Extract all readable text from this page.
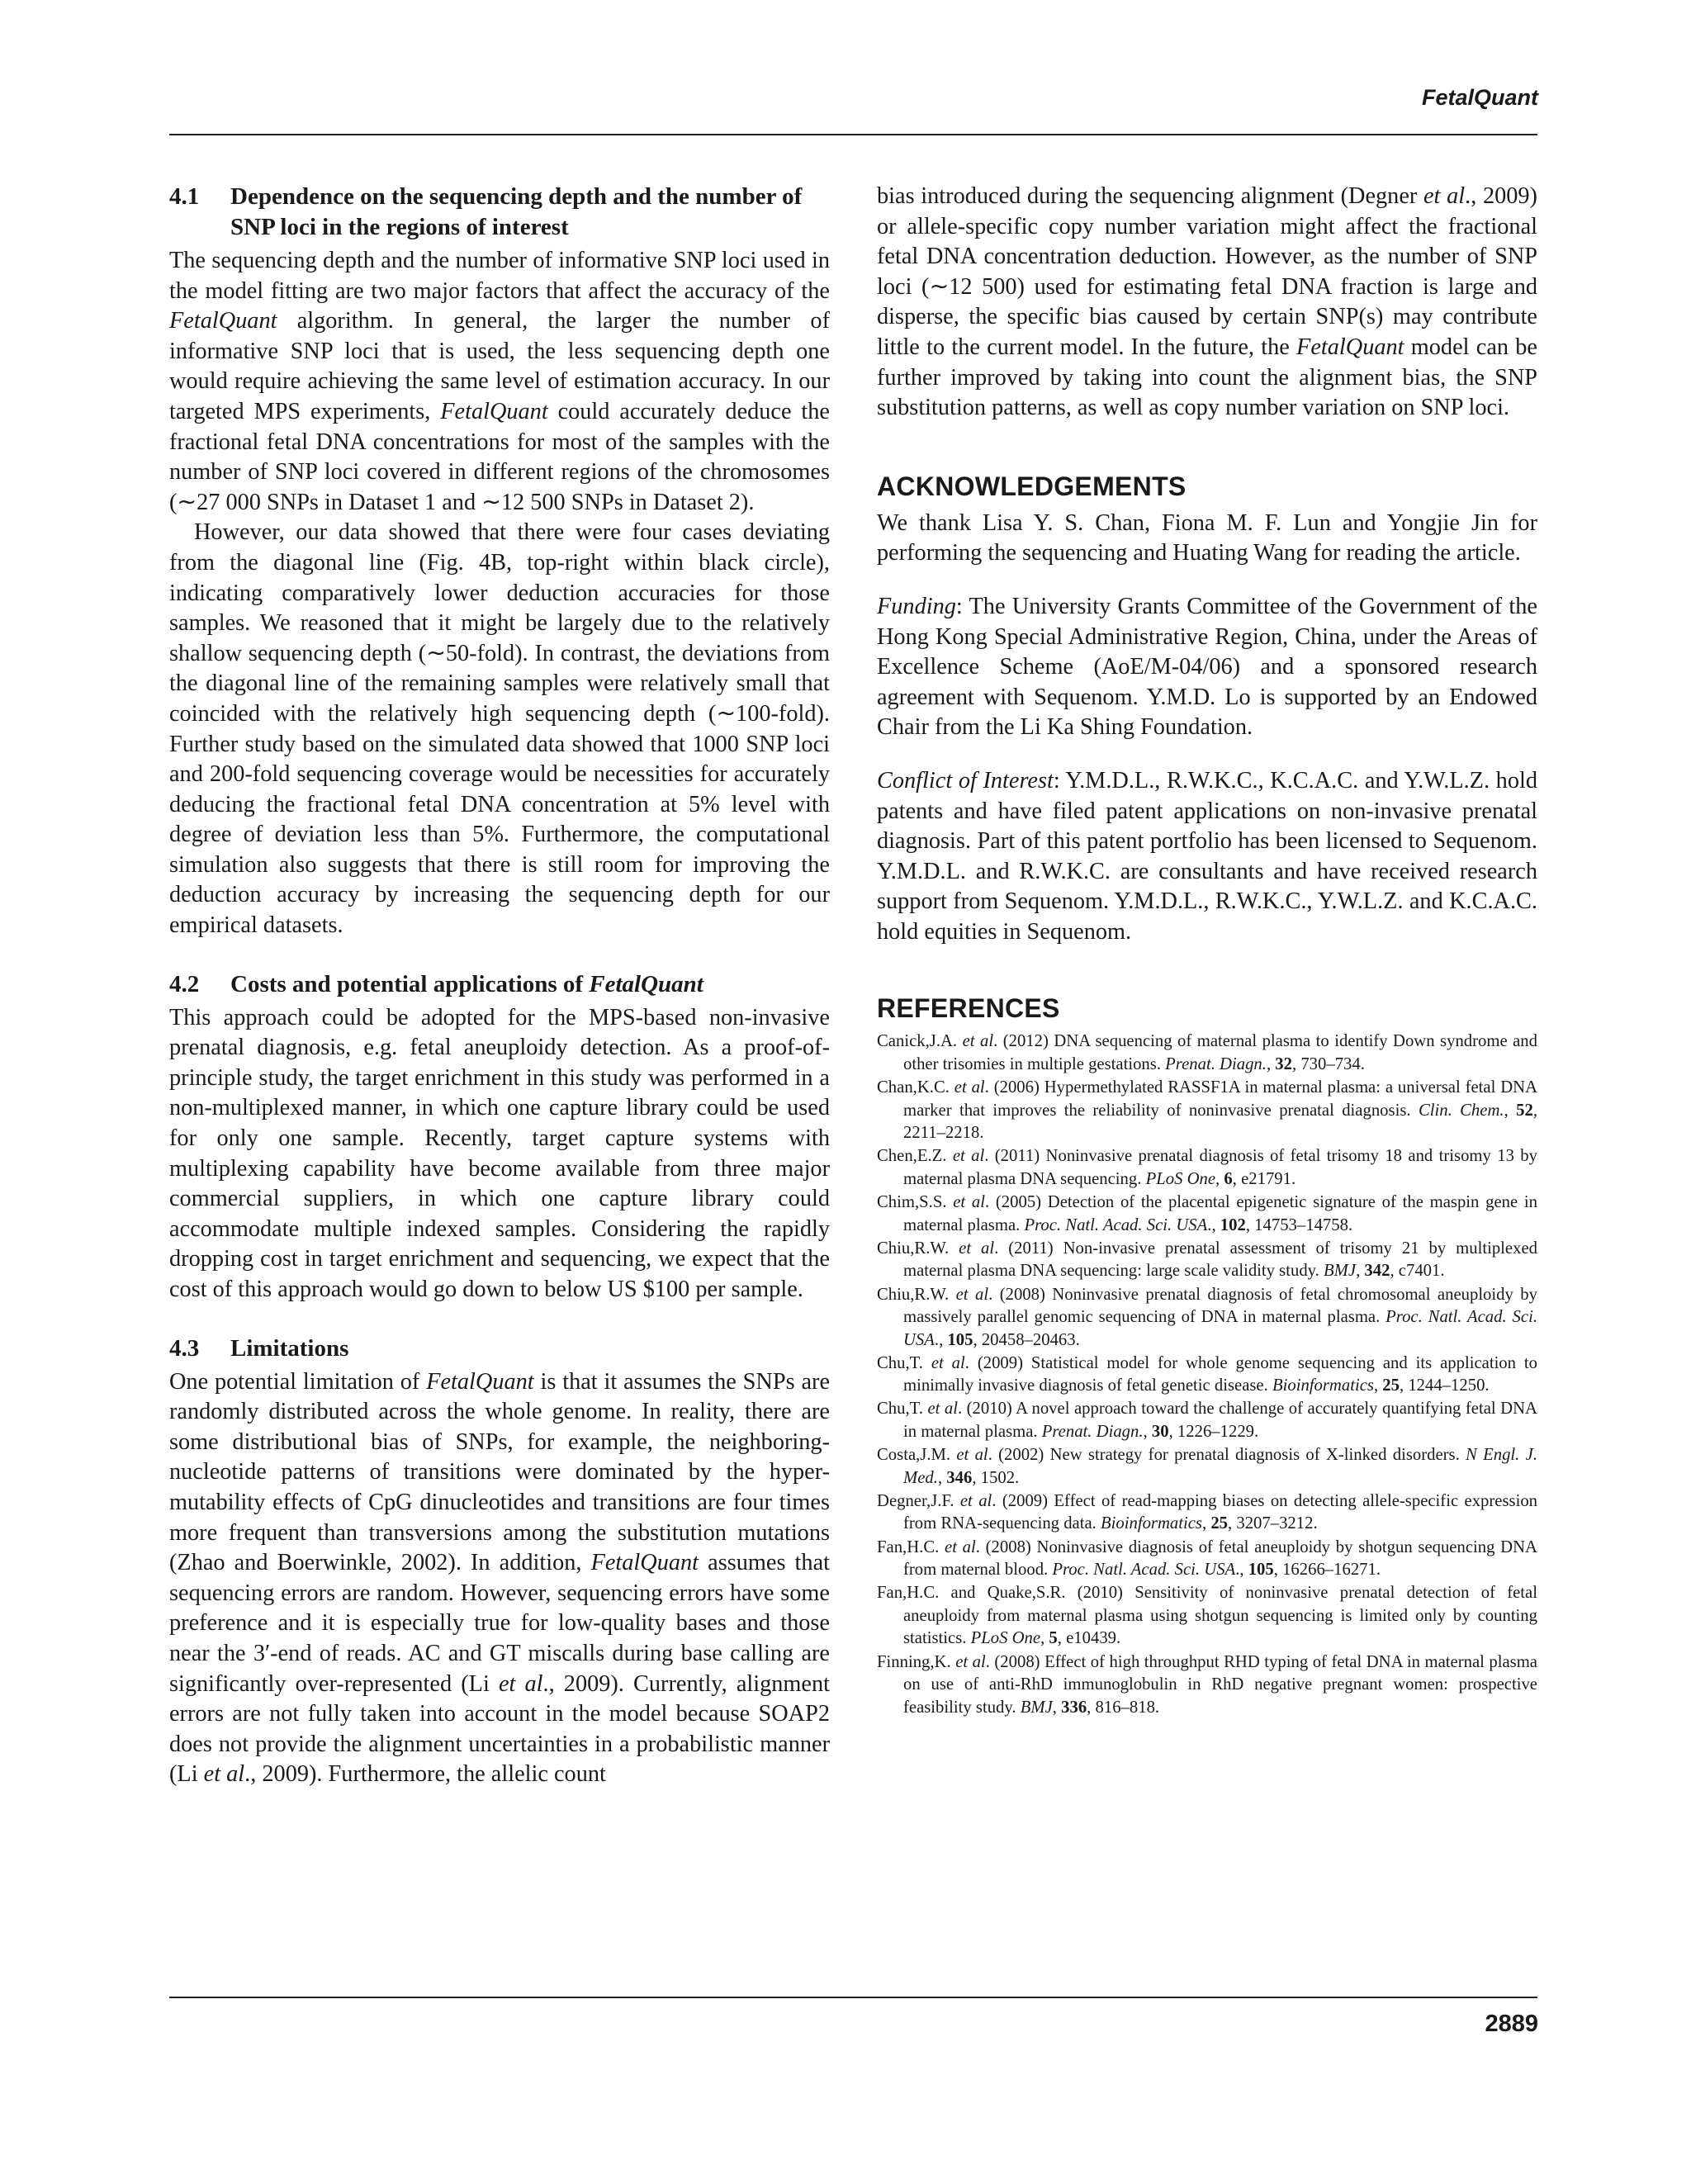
FetalQuant
4.1	Dependence on the sequencing depth and the number of SNP loci in the regions of interest

The sequencing depth and the number of informative SNP loci used in the model fitting are two major factors that affect the accuracy of the FetalQuant algorithm. In general, the larger the number of informative SNP loci that is used, the less sequencing depth one would require achieving the same level of estimation accuracy. In our targeted MPS experiments, FetalQuant could accurately deduce the fractional fetal DNA concentrations for most of the samples with the number of SNP loci covered in different regions of the chromosomes (∼27 000 SNPs in Dataset 1 and ∼12 500 SNPs in Dataset 2).

However, our data showed that there were four cases deviating from the diagonal line (Fig. 4B, top-right within black circle), indicating comparatively lower deduction accuracies for those samples. We reasoned that it might be largely due to the relatively shallow sequencing depth (∼50-fold). In contrast, the deviations from the diagonal line of the remaining samples were relatively small that coincided with the relatively high sequencing depth (∼100-fold). Further study based on the simulated data showed that 1000 SNP loci and 200-fold sequencing coverage would be necessities for accurately deducing the fractional fetal DNA concentration at 5% level with degree of deviation less than 5%. Furthermore, the computational simulation also suggests that there is still room for improving the deduction accuracy by increasing the sequencing depth for our empirical datasets.

4.2	Costs and potential applications of FetalQuant

This approach could be adopted for the MPS-based non-invasive prenatal diagnosis, e.g. fetal aneuploidy detection. As a proof-of-principle study, the target enrichment in this study was performed in a non-multiplexed manner, in which one capture library could be used for only one sample. Recently, target capture systems with multiplexing capability have become available from three major commercial suppliers, in which one capture library could accommodate multiple indexed samples. Considering the rapidly dropping cost in target enrichment and sequencing, we expect that the cost of this approach would go down to below US $100 per sample.

4.3	Limitations

One potential limitation of FetalQuant is that it assumes the SNPs are randomly distributed across the whole genome. In reality, there are some distributional bias of SNPs, for example, the neighboring-nucleotide patterns of transitions were dominated by the hyper-mutability effects of CpG dinucleotides and transitions are four times more frequent than transversions among the substitution mutations (Zhao and Boerwinkle, 2002). In addition, FetalQuant assumes that sequencing errors are random. However, sequencing errors have some preference and it is especially true for low-quality bases and those near the 3′-end of reads. AC and GT miscalls during base calling are significantly over-represented (Li et al., 2009). Currently, alignment errors are not fully taken into account in the model because SOAP2 does not provide the alignment uncertainties in a probabilistic manner (Li et al., 2009). Furthermore, the allelic count

bias introduced during the sequencing alignment (Degner et al., 2009) or allele-specific copy number variation might affect the fractional fetal DNA concentration deduction. However, as the number of SNP loci (∼12 500) used for estimating fetal DNA fraction is large and disperse, the specific bias caused by certain SNP(s) may contribute little to the current model. In the future, the FetalQuant model can be further improved by taking into count the alignment bias, the SNP substitution patterns, as well as copy number variation on SNP loci.

ACKNOWLEDGEMENTS

We thank Lisa Y. S. Chan, Fiona M. F. Lun and Yongjie Jin for performing the sequencing and Huating Wang for reading the article.

Funding: The University Grants Committee of the Government of the Hong Kong Special Administrative Region, China, under the Areas of Excellence Scheme (AoE/M-04/06) and a sponsored research agreement with Sequenom. Y.M.D. Lo is supported by an Endowed Chair from the Li Ka Shing Foundation.

Conflict of Interest: Y.M.D.L., R.W.K.C., K.C.A.C. and Y.W.L.Z. hold patents and have filed patent applications on non-invasive prenatal diagnosis. Part of this patent portfolio has been licensed to Sequenom. Y.M.D.L. and R.W.K.C. are consultants and have received research support from Sequenom. Y.M.D.L., R.W.K.C., Y.W.L.Z. and K.C.A.C. hold equities in Sequenom.

REFERENCES
Canick,J.A. et al. (2012) DNA sequencing of maternal plasma to identify Down syndrome and other trisomies in multiple gestations. Prenat. Diagn., 32, 730–734.
Chan,K.C. et al. (2006) Hypermethylated RASSF1A in maternal plasma: a universal fetal DNA marker that improves the reliability of noninvasive prenatal diagnosis. Clin. Chem., 52, 2211–2218.
Chen,E.Z. et al. (2011) Noninvasive prenatal diagnosis of fetal trisomy 18 and trisomy 13 by maternal plasma DNA sequencing. PLoS One, 6, e21791.
Chim,S.S. et al. (2005) Detection of the placental epigenetic signature of the maspin gene in maternal plasma. Proc. Natl. Acad. Sci. USA., 102, 14753–14758.
Chiu,R.W. et al. (2011) Non-invasive prenatal assessment of trisomy 21 by multiplexed maternal plasma DNA sequencing: large scale validity study. BMJ, 342, c7401.
Chiu,R.W. et al. (2008) Noninvasive prenatal diagnosis of fetal chromosomal aneuploidy by massively parallel genomic sequencing of DNA in maternal plasma. Proc. Natl. Acad. Sci. USA., 105, 20458–20463.
Chu,T. et al. (2009) Statistical model for whole genome sequencing and its application to minimally invasive diagnosis of fetal genetic disease. Bioinformatics, 25, 1244–1250.
Chu,T. et al. (2010) A novel approach toward the challenge of accurately quantifying fetal DNA in maternal plasma. Prenat. Diagn., 30, 1226–1229.
Costa,J.M. et al. (2002) New strategy for prenatal diagnosis of X-linked disorders. N Engl. J. Med., 346, 1502.
Degner,J.F. et al. (2009) Effect of read-mapping biases on detecting allele-specific expression from RNA-sequencing data. Bioinformatics, 25, 3207–3212.
Fan,H.C. et al. (2008) Noninvasive diagnosis of fetal aneuploidy by shotgun sequencing DNA from maternal blood. Proc. Natl. Acad. Sci. USA., 105, 16266–16271.
Fan,H.C. and Quake,S.R. (2010) Sensitivity of noninvasive prenatal detection of fetal aneuploidy from maternal plasma using shotgun sequencing is limited only by counting statistics. PLoS One, 5, e10439.
Finning,K. et al. (2008) Effect of high throughput RHD typing of fetal DNA in maternal plasma on use of anti-RhD immunoglobulin in RhD negative pregnant women: prospective feasibility study. BMJ, 336, 816–818.
2889
